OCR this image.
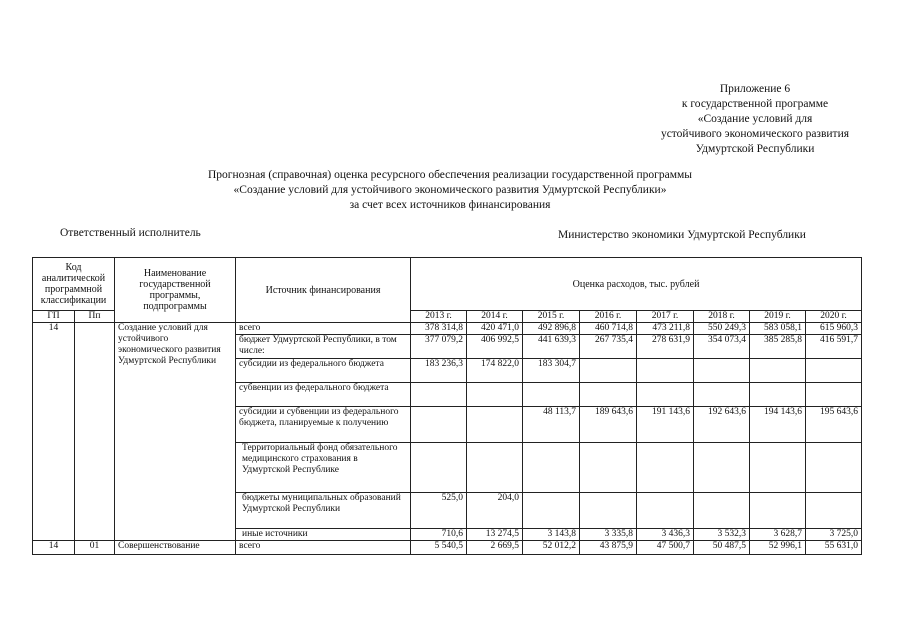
Приложение 6
к государственной программе
«Создание условий для
устойчивого экономического развития
Удмуртской Республики
Прогнозная (справочная) оценка ресурсного обеспечения реализации государственной программы
«Создание условий для устойчивого экономического развития Удмуртской Республики»
за счет всех источников финансирования
Ответственный исполнитель	Министерство экономики Удмуртской Республики
Код аналитической программной классификации		Наименование государственной программы, подпрограммы	Источник финансирования	Оценка расходов, тыс. рублей							
ГП	Пп			2013 г.	2014 г.	2015 г.	2016 г.	2017 г.	2018 г.	2019 г.	2020 г.
14		Создание условий для устойчивого экономического развития Удмуртской Республики	всего	378 314,8	420 471,0	492 896,8	460 714,8	473 211,8	550 249,3	583 058,1	615 960,3
			бюджет Удмуртской Республики, в том числе:	377 079,2	406 992,5	441 639,3	267 735,4	278 631,9	354 073,4	385 285,8	416 591,7
			субсидии из федерального бюджета	183 236,3	174 822,0	183 304,7					
			субвенции из федерального бюджета								
			субсидии и субвенции из федерального бюджета, планируемые к получению			48 113,7	189 643,6	191 143,6	192 643,6	194 143,6	195 643,6
			Территориальный фонд обязательного медицинского страхования в Удмуртской Республике								
			бюджеты муниципальных образований Удмуртской Республики	525,0	204,0						
			иные источники	710,6	13 274,5	3 143,8	3 335,8	3 436,3	3 532,3	3 628,7	3 725,0
14	01	Совершенствование	всего	5 540,5	2 669,5	52 012,2	43 875,9	47 500,7	50 487,5	52 996,1	55 631,0
